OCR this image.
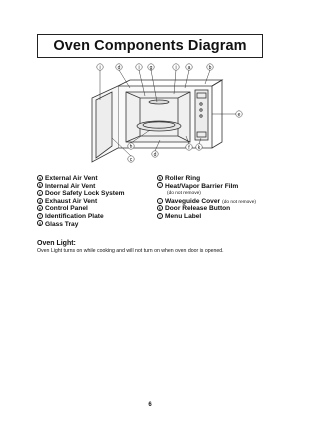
Oven Components Diagram
i	d	i g	i a	b
e
h
d
c
f k
a External Air Vent
b Internal Air Vent
c Door Safety Lock System
d Exhaust Air Vent
e Control Panel
f Identification Plate
g Glass Tray
h Roller Ring
i Heat/Vapor Barrier Film
(do not remove)
j Waveguide Cover (do not remove)
k Door Release Button
l Menu Label
Oven Light:
Oven Light turns on while cooking and will not turn on when oven door is opened.
6
